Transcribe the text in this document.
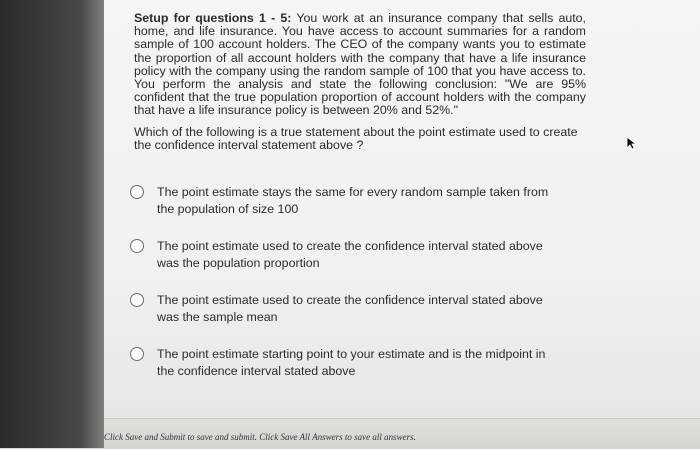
Setup for questions 1 - 5: You work at an insurance company that sells auto, home, and life insurance. You have access to account summaries for a random sample of 100 account holders. The CEO of the company wants you to estimate the proportion of all account holders with the company that have a life insurance policy with the company using the random sample of 100 that you have access to. You perform the analysis and state the following conclusion: "We are 95% confident that the true population proportion of account holders with the company that have a life insurance policy is between 20% and 52%."

Which of the following is a true statement about the point estimate used to create the confidence interval statement above ?

The point estimate stays the same for every random sample taken from
the population of size 100
The point estimate used to create the confidence interval stated above
was the population proportion
The point estimate used to create the confidence interval stated above
was the sample mean
The point estimate starting point to your estimate and is the midpoint in
the confidence interval stated above
Click Save and Submit to save and submit. Click Save All Answers to save all answers.
